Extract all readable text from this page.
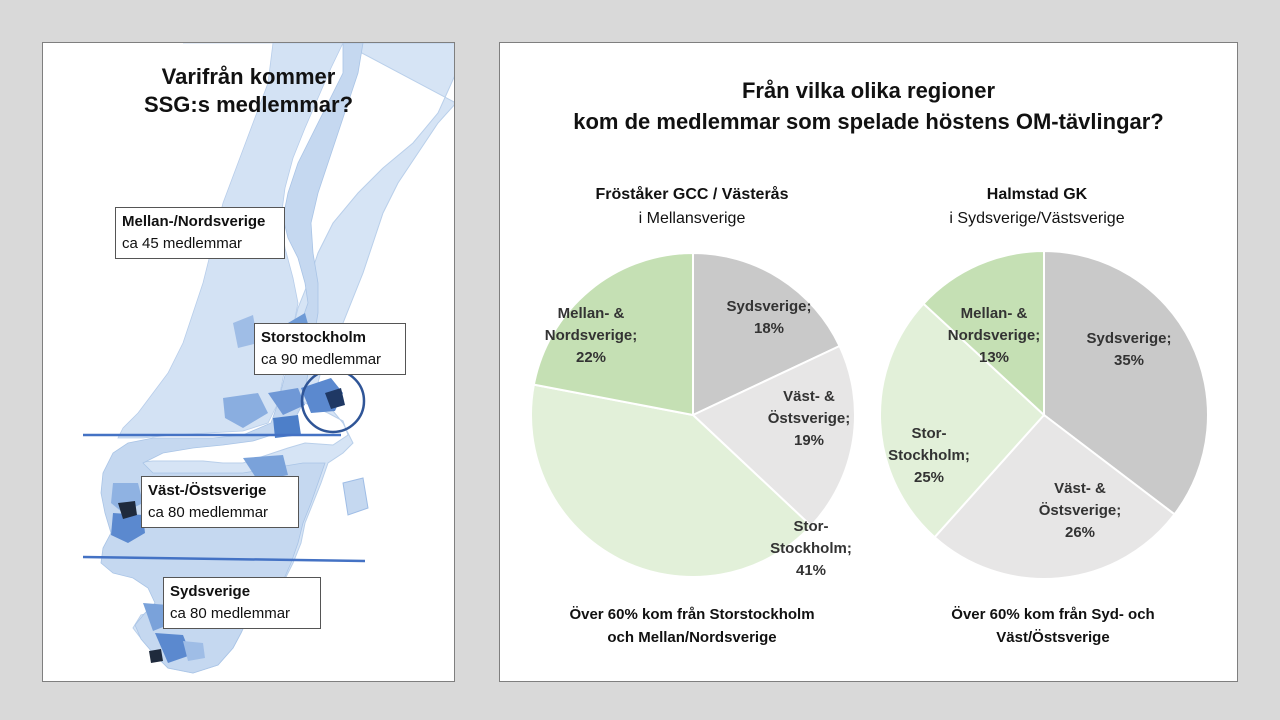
Varifrån kommer
SSG:s medlemmar?
Mellan-/Nordsverige
ca 45 medlemmar
Storstockholm
ca 90 medlemmar
Väst-/Östsverige
ca 80 medlemmar
Sydsverige
ca 80 medlemmar
Från vilka olika regioner
kom de medlemmar som spelade höstens OM-tävlingar?
Fröståker GCC / Västerås
i Mellansverige
Halmstad GK
i Sydsverige/Västsverige
Sydsverige; 18%
Väst- & Östsverige; 19%
Stor-Stockholm; 41%
Mellan- & Nordsverige; 22%
Sydsverige; 35%
Väst- & Östsverige; 26%
Stor-Stockholm; 25%
Mellan- & Nordsverige; 13%
Över 60% kom från Storstockholm
och Mellan/Nordsverige
Över 60% kom från Syd- och
Väst/Östsverige
